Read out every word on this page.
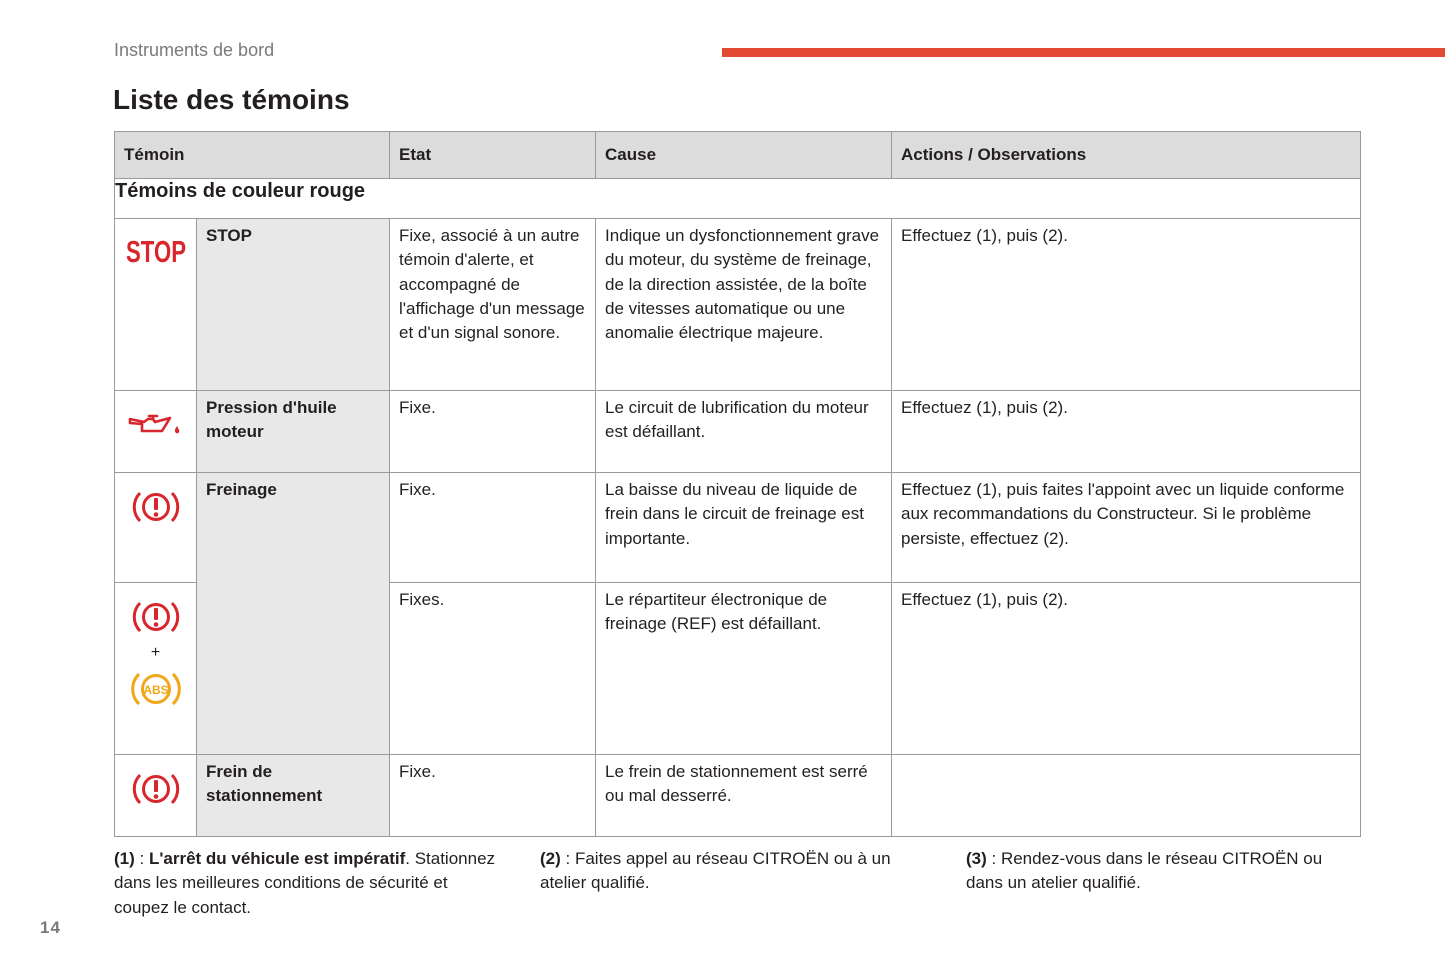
Instruments de bord
Liste des témoins
Témoin		Etat	Cause	Actions / Observations
Témoins de couleur rouge				

STOP	STOP	Fixe, associé à un autre témoin d'alerte, et accompagné de l'affichage d'un message et d'un signal sonore.	Indique un dysfonctionnement grave du moteur, du système de freinage, de la direction assistée, de la boîte de vitesses automatique ou une anomalie électrique majeure.	Effectuez (1), puis (2).
	Pression d'huile moteur	Fixe.	Le circuit de lubrification du moteur est défaillant.	Effectuez (1), puis (2).
	Freinage	Fixe.	La baisse du niveau de liquide de frein dans le circuit de freinage est importante.	Effectuez (1), puis faites l'appoint avec un liquide conforme aux recommandations du Constructeur. Si le problème persiste, effectuez (2).

+
ABS		Fixes.	Le répartiteur électronique de freinage (REF) est défaillant.	Effectuez (1), puis (2).
	Frein de stationnement	Fixe.	Le frein de stationnement est serré ou mal desserré.	
(1) : L'arrêt du véhicule est impératif. Stationnez dans les meilleures conditions de sécurité et coupez le contact.
(2) : Faites appel au réseau CITROËN ou à un atelier qualifié.
(3) : Rendez-vous dans le réseau CITROËN ou dans un atelier qualifié.
14
